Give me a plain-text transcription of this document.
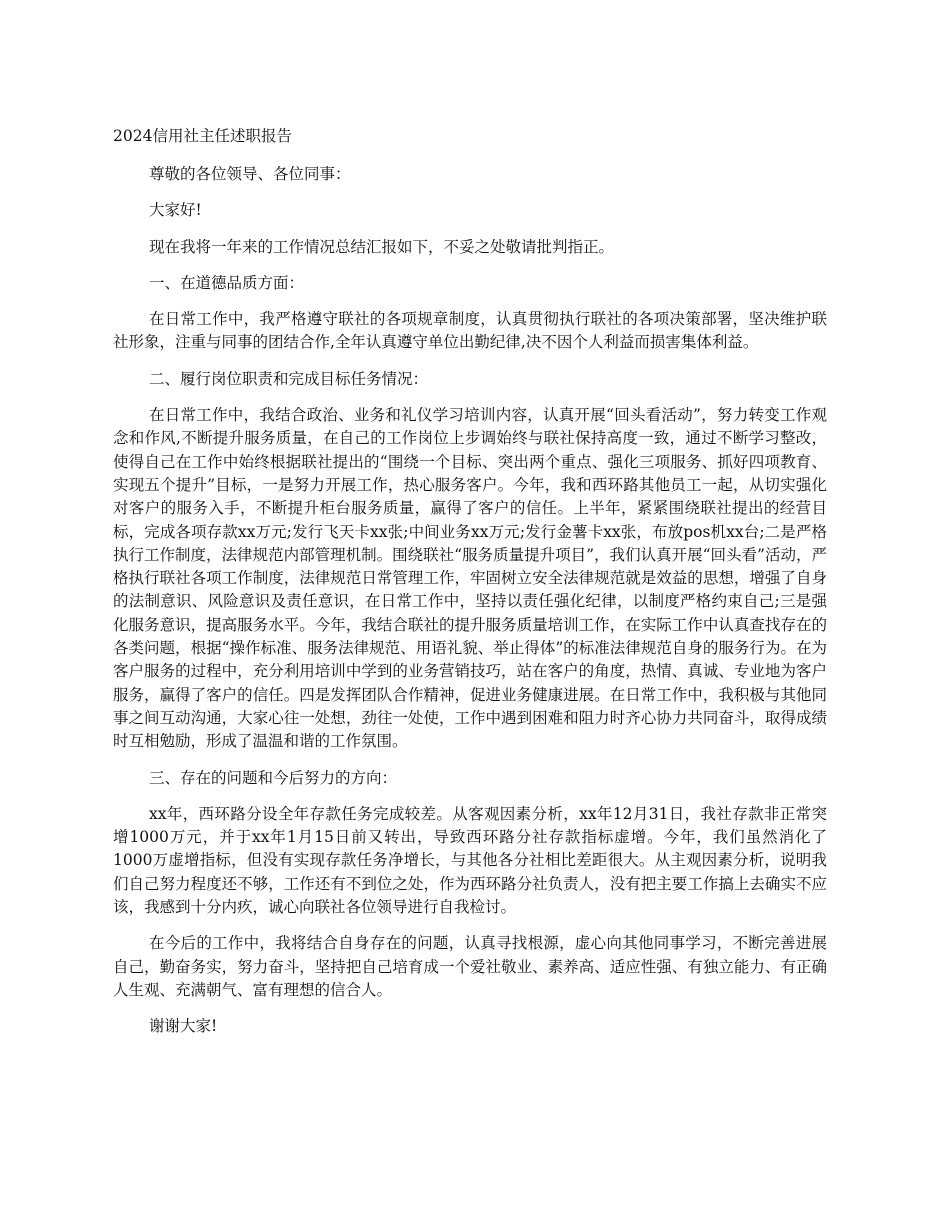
2024信用社主任述职报告

尊敬的各位领导、各位同事：

大家好!

现在我将一年来的工作情况总结汇报如下，不妥之处敬请批判指正。

一、在道德品质方面：

在日常工作中，我严格遵守联社的各项规章制度，认真贯彻执行联社的各项决策部署，坚决维护联社形象，注重与同事的团结合作,全年认真遵守单位出勤纪律,决不因个人利益而损害集体利益。

二、履行岗位职责和完成目标任务情况：

在日常工作中，我结合政治、业务和礼仪学习培训内容，认真开展“回头看活动”，努力转变工作观念和作风,不断提升服务质量，在自己的工作岗位上步调始终与联社保持高度一致，通过不断学习整改，使得自己在工作中始终根据联社提出的“围绕一个目标、突出两个重点、强化三项服务、抓好四项教育、实现五个提升”目标，一是努力开展工作，热心服务客户。今年，我和西环路其他员工一起，从切实强化对客户的服务入手，不断提升柜台服务质量，赢得了客户的信任。上半年，紧紧围绕联社提出的经营目标，完成各项存款xx万元;发行飞天卡xx张;中间业务xx万元;发行金薯卡xx张，布放pos机xx台;二是严格执行工作制度，法律规范内部管理机制。围绕联社“服务质量提升项目”，我们认真开展“回头看”活动，严格执行联社各项工作制度，法律规范日常管理工作，牢固树立安全法律规范就是效益的思想，增强了自身的法制意识、风险意识及责任意识，在日常工作中，坚持以责任强化纪律，以制度严格约束自己;三是强化服务意识，提高服务水平。今年，我结合联社的提升服务质量培训工作，在实际工作中认真查找存在的各类问题，根据“操作标准、服务法律规范、用语礼貌、举止得体”的标准法律规范自身的服务行为。在为客户服务的过程中，充分利用培训中学到的业务营销技巧，站在客户的角度，热情、真诚、专业地为客户服务，赢得了客户的信任。四是发挥团队合作精神，促进业务健康进展。在日常工作中，我积极与其他同事之间互动沟通，大家心往一处想，劲往一处使，工作中遇到困难和阻力时齐心协力共同奋斗，取得成绩时互相勉励，形成了温温和谐的工作氛围。

三、存在的问题和今后努力的方向：

xx年，西环路分设全年存款任务完成较差。从客观因素分析，xx年12月31日，我社存款非正常突增1000万元，并于xx年1月15日前又转出，导致西环路分社存款指标虚增。今年，我们虽然消化了1000万虚增指标，但没有实现存款任务净增长，与其他各分社相比差距很大。从主观因素分析，说明我们自己努力程度还不够，工作还有不到位之处，作为西环路分社负责人，没有把主要工作搞上去确实不应该，我感到十分内疚，诚心向联社各位领导进行自我检讨。

在今后的工作中，我将结合自身存在的问题，认真寻找根源，虚心向其他同事学习，不断完善进展自己，勤奋务实，努力奋斗，坚持把自己培育成一个爱社敬业、素养高、适应性强、有独立能力、有正确人生观、充满朝气、富有理想的信合人。

谢谢大家!
